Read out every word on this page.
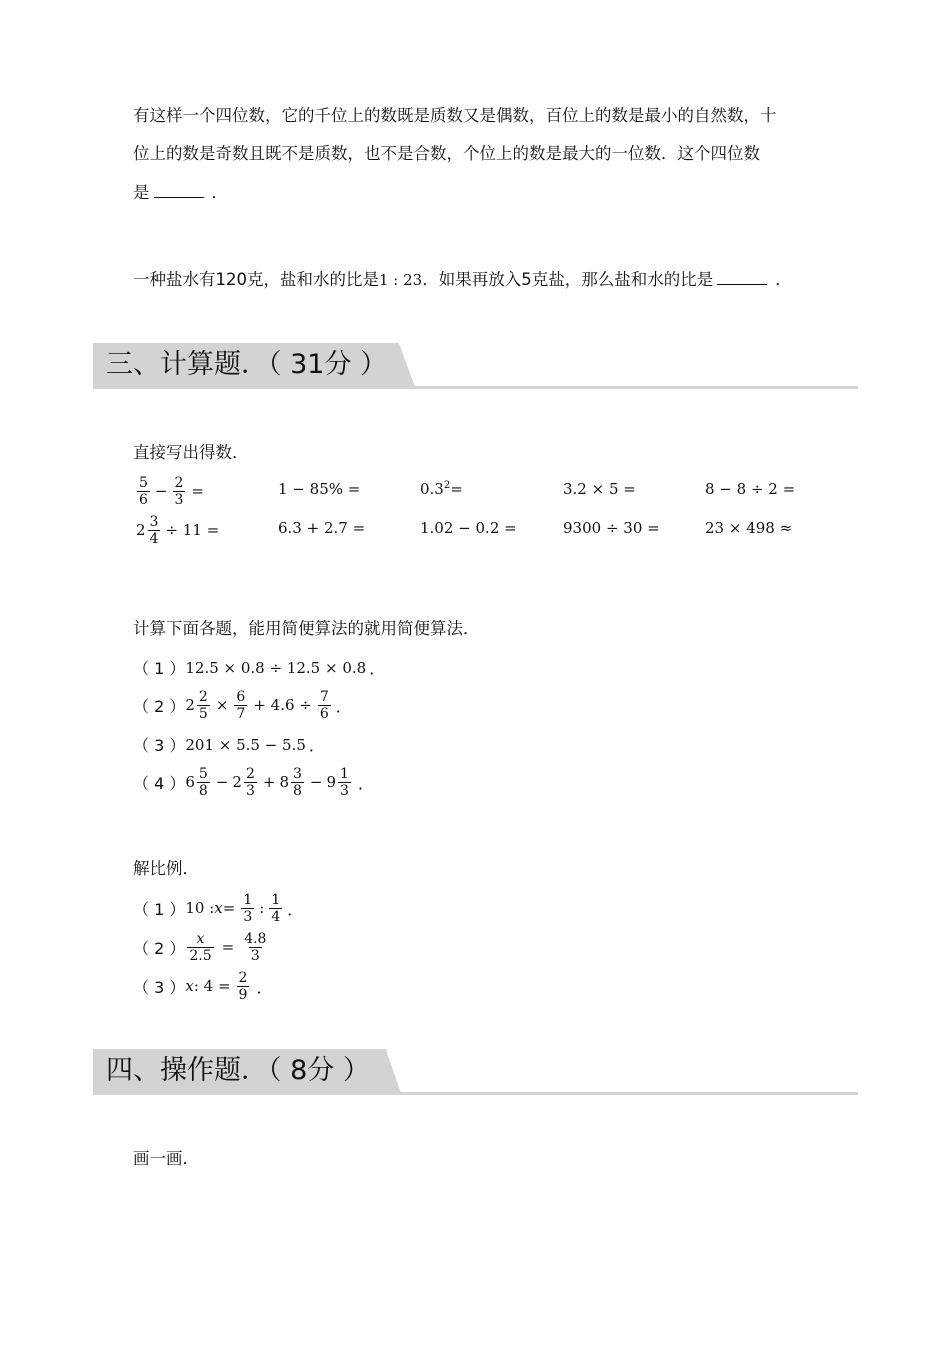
有这样一个四位数，它的千位上的数既是质数又是偶数，百位上的数是最小的自然数，十
位上的数是奇数且既不是质数，也不是合数，个位上的数是最大的一位数．这个四位数
是	．
一种盐水有120克，盐和水的比是1 : 23．如果再放入5克盐，那么盐和水的比是	．
三、计算题．（ 31分 ）
直接写出得数．
$\frac{5}{6} - \frac{2}{3}$ =	1 − 85% =	$0.3^2$ =	3.2 × 5 =	8 − 8 ÷ 2 =
$2 \frac{3}{4} \div 11$ =	6.3 + 2.7 =	1.02 − 0.2 =	9300 ÷ 30 =	23 × 498 ≈
计算下面各题，能用简便算法的就用简便算法．
（ 1 ） 12.5 × 0.8 ÷ 12.5 × 0.8 ．
（ 2 ） $2 \frac{2}{5} \times \frac{6}{7} + 4.6 \div \frac{7}{6}$ ．
（ 3 ） 201 × 5.5 − 5.5 ．
（ 4 ） $6 \frac{5}{8} - 2 \frac{2}{3} + 8 \frac{3}{8} - 9 \frac{1}{3}$ ．
解比例．
（ 1 ） 10 : $x = \frac{1}{3}$ : $\frac{1}{4}$ ．
（ 2 ） $\frac{x}{2.5} = \frac{4.8}{3}$
（ 3 ） x : $4 = \frac{2}{9}$ ．
四、操作题．（ 8分 ）
画一画．
